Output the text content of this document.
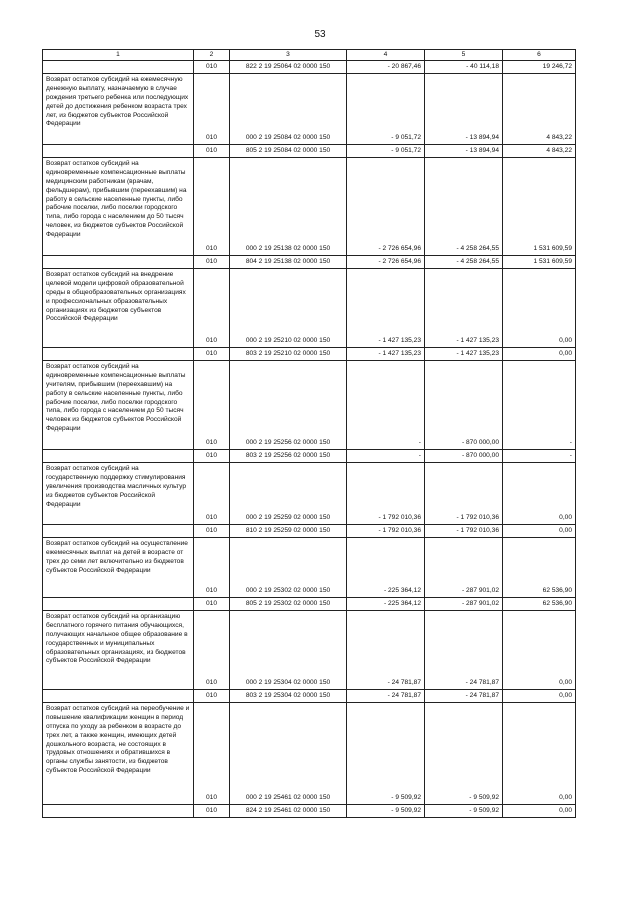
53
1	2	3	4	5	6
	010	822 2 19 25064 02 0000 150	- 20 867,46	- 40 114,18	19 246,72
Возврат остатков субсидий на ежемесячную денежную выплату, назначаемую в случае рождения третьего ребенка или последующих детей до достижения ребенком возраста трех лет, из бюджетов субъектов Российской Федерации	010	000 2 19 25084 02 0000 150	- 9 051,72	- 13 894,94	4 843,22
	010	805 2 19 25084 02 0000 150	- 9 051,72	- 13 894,94	4 843,22
Возврат остатков субсидий на единовременные компенсационные выплаты медицинским работникам (врачам, фельдшерам), прибывшим (переехавшим) на работу в сельские населенные пункты, либо рабочие поселки, либо поселки городского типа, либо города с населением до 50 тысяч человек, из бюджетов субъектов Российской Федерации	010	000 2 19 25138 02 0000 150	- 2 726 654,96	- 4 258 264,55	1 531 609,59
	010	804 2 19 25138 02 0000 150	- 2 726 654,96	- 4 258 264,55	1 531 609,59
Возврат остатков субсидий на внедрение целевой модели цифровой образовательной среды в общеобразовательных организациях и профессиональных образовательных организациях из бюджетов субъектов Российской Федерации	010	000 2 19 25210 02 0000 150	- 1 427 135,23	- 1 427 135,23	0,00
	010	803 2 19 25210 02 0000 150	- 1 427 135,23	- 1 427 135,23	0,00
Возврат остатков субсидий на единовременные компенсационные выплаты учителям, прибывшим (переехавшим) на работу в сельские населенные пункты, либо рабочие поселки, либо поселки городского типа, либо города с населением до 50 тысяч человек из бюджетов субъектов Российской Федерации	010	000 2 19 25256 02 0000 150	-	- 870 000,00	-
	010	803 2 19 25256 02 0000 150	-	- 870 000,00	-
Возврат остатков субсидий на государственную поддержку стимулирования увеличения производства масличных культур из бюджетов субъектов Российской Федерации	010	000 2 19 25259 02 0000 150	- 1 792 010,36	- 1 792 010,36	0,00
	010	810 2 19 25259 02 0000 150	- 1 792 010,36	- 1 792 010,36	0,00
Возврат остатков субсидий на осуществление ежемесячных выплат на детей в возрасте от трех до семи лет включительно из бюджетов субъектов Российской Федерации	010	000 2 19 25302 02 0000 150	- 225 364,12	- 287 901,02	62 536,90
	010	805 2 19 25302 02 0000 150	- 225 364,12	- 287 901,02	62 536,90
Возврат остатков субсидий на организацию бесплатного горячего питания обучающихся, получающих начальное общее образование в государственных и муниципальных образовательных организациях, из бюджетов субъектов Российской Федерации	010	000 2 19 25304 02 0000 150	- 24 781,87	- 24 781,87	0,00
	010	803 2 19 25304 02 0000 150	- 24 781,87	- 24 781,87	0,00
Возврат остатков субсидий на переобучение и повышение квалификации женщин в период отпуска по уходу за ребенком в возрасте до трех лет, а также женщин, имеющих детей дошкольного возраста, не состоящих в трудовых отношениях и обратившихся в органы службы занятости, из бюджетов субъектов Российской Федерации	010	000 2 19 25461 02 0000 150	- 9 509,92	- 9 509,92	0,00
	010	824 2 19 25461 02 0000 150	- 9 509,92	- 9 509,92	0,00
